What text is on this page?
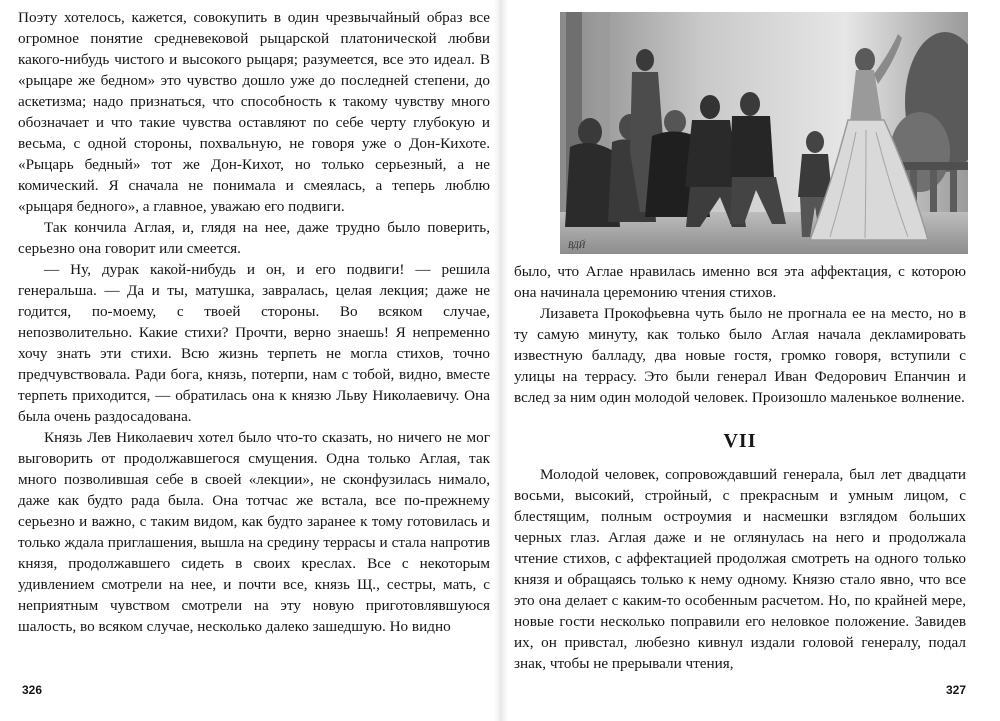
Поэту хотелось, кажется, совокупить в один чрезвычайный образ все огромное понятие средневековой рыцарской платонической любви какого-нибудь чистого и высокого рыцаря; разумеется, все это идеал. В «рыцаре же бедном» это чувство дошло уже до последней степени, до аскетизма; надо признаться, что способность к такому чувству много обозначает и что такие чувства оставляют по себе черту глубокую и весьма, с одной стороны, похвальную, не говоря уже о Дон-Кихоте. «Рыцарь бедный» тот же Дон-Кихот, но только серьезный, а не комический. Я сначала не понимала и смеялась, а теперь люблю «рыцаря бедного», а главное, уважаю его подвиги.

Так кончила Аглая, и, глядя на нее, даже трудно было поверить, серьезно она говорит или смеется.

— Ну, дурак какой-нибудь и он, и его подвиги! — решила генеральша. — Да и ты, матушка, завралась, целая лекция; даже не годится, по-моему, с твоей стороны. Во всяком случае, непозволительно. Какие стихи? Прочти, верно знаешь! Я непременно хочу знать эти стихи. Всю жизнь терпеть не могла стихов, точно предчувствовала. Ради бога, князь, потерпи, нам с тобой, видно, вместе терпеть приходится, — обратилась она к князю Льву Николаевичу. Она была очень раздосадована.

Князь Лев Николаевич хотел было что-то сказать, но ничего не мог выговорить от продолжавшегося смущения. Одна только Аглая, так много позволившая себе в своей «лекции», не сконфузилась нимало, даже как будто рада была. Она тотчас же встала, все по-прежнему серьезно и важно, с таким видом, как будто заранее к тому готовилась и только ждала приглашения, вышла на средину террасы и стала напротив князя, продолжавшего сидеть в своих креслах. Все с некоторым удивлением смотрели на нее, и почти все, князь Щ., сестры, мать, с неприятным чувством смотрели на эту новую приготовлявшуюся шалость, во всяком случае, несколько далеко зашедшую. Но видно

326
ВДЙ

было, что Аглае нравилась именно вся эта аффектация, с которою она начинала церемонию чтения стихов.

Лизавета Прокофьевна чуть было не прогнала ее на место, но в ту самую минуту, как только было Аглая начала декламировать известную балладу, два новые гостя, громко говоря, вступили с улицы на террасу. Это были генерал Иван Федорович Епанчин и вслед за ним один молодой человек. Произошло маленькое волнение.

VII

Молодой человек, сопровождавший генерала, был лет двадцати восьми, высокий, стройный, с прекрасным и умным лицом, с блестящим, полным остроумия и насмешки взглядом больших черных глаз. Аглая даже и не оглянулась на него и продолжала чтение стихов, с аффектацией продолжая смотреть на одного только князя и обращаясь только к нему одному. Князю стало явно, что все это она делает с каким-то особенным расчетом. Но, по крайней мере, новые гости несколько поправили его неловкое положение. Завидев их, он привстал, любезно кивнул издали головой генералу, подал знак, чтобы не прерывали чтения,

327
